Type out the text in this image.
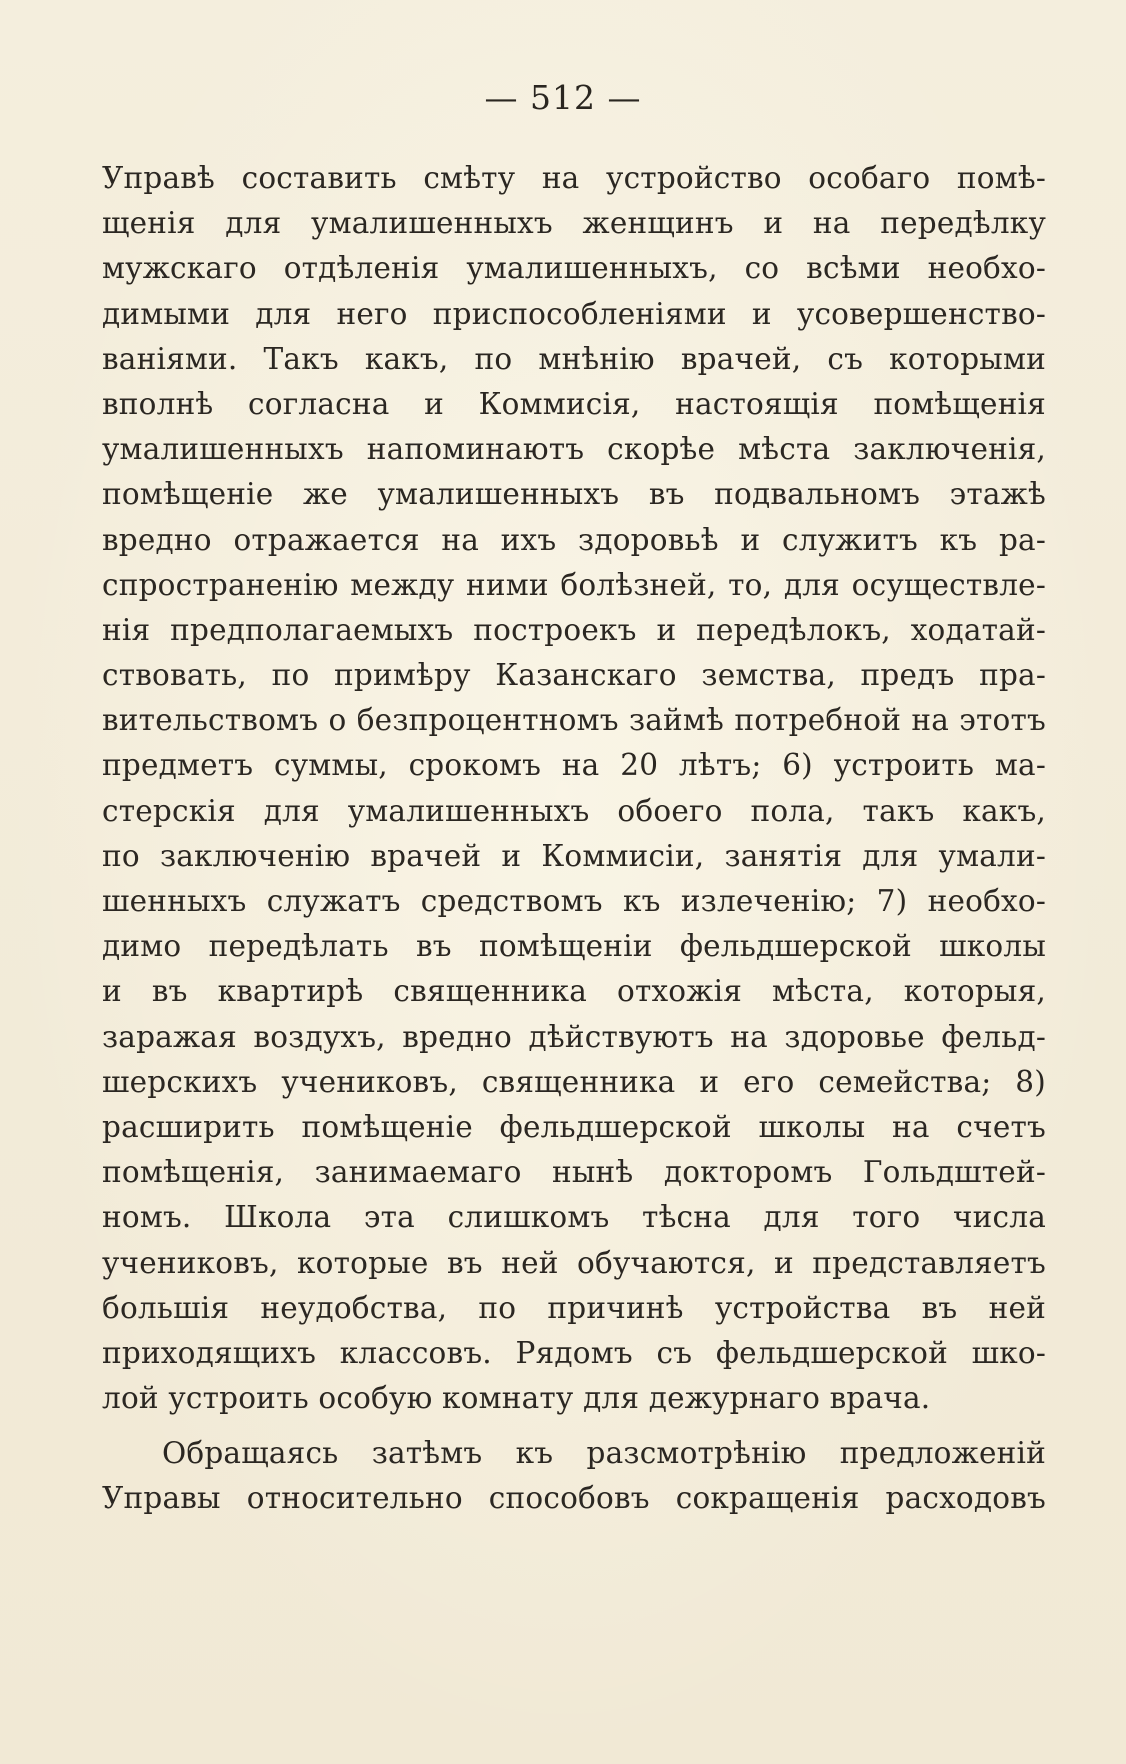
— 512 —
Управѣ составить смѣту на устройство особаго помѣ-
щенія для умалишенныхъ женщинъ и на передѣлку
мужскаго отдѣленія умалишенныхъ, со всѣми необхо-
димыми для него приспособленіями и усовершенство-
ваніями. Такъ какъ, по мнѣнію врачей, съ которыми
вполнѣ согласна и Коммисія, настоящія помѣщенія
умалишенныхъ напоминаютъ скорѣе мѣста заключенія,
помѣщеніе же умалишенныхъ въ подвальномъ этажѣ
вредно отражается на ихъ здоровьѣ и служитъ къ ра-
спространенію между ними болѣзней, то, для осуществле-
нія предполагаемыхъ построекъ и передѣлокъ, ходатай-
ствовать, по примѣру Казанскаго земства, предъ пра-
вительствомъ о безпроцентномъ займѣ потребной на этотъ
предметъ суммы, срокомъ на 20 лѣтъ; 6) устроить ма-
стерскія для умалишенныхъ обоего пола, такъ какъ,
по заключенію врачей и Коммисіи, занятія для умали-
шенныхъ служатъ средствомъ къ излеченію; 7) необхо-
димо передѣлать въ помѣщеніи фельдшерской школы
и въ квартирѣ священника отхожія мѣста, которыя,
заражая воздухъ, вредно дѣйствуютъ на здоровье фельд-
шерскихъ учениковъ, священника и его семейства; 8)
расширить помѣщеніе фельдшерской школы на счетъ
помѣщенія, занимаемаго нынѣ докторомъ Гольдштей-
номъ. Школа эта слишкомъ тѣсна для того числа
учениковъ, которые въ ней обучаются, и представляетъ
большія неудобства, по причинѣ устройства въ ней
приходящихъ классовъ. Рядомъ съ фельдшерской шко-
лой устроить особую комнату для дежурнаго врача.
Обращаясь затѣмъ къ разсмотрѣнію предложеній
Управы относительно способовъ сокращенія расходовъ
